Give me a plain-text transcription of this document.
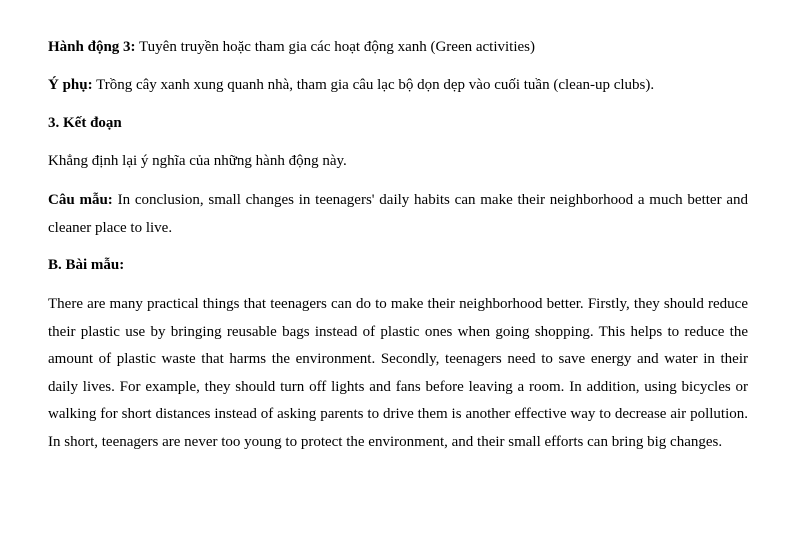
Hành động 3: Tuyên truyền hoặc tham gia các hoạt động xanh (Green activities)

Ý phụ: Trồng cây xanh xung quanh nhà, tham gia câu lạc bộ dọn dẹp vào cuối tuần (clean-up clubs).

3. Kết đoạn

Khẳng định lại ý nghĩa của những hành động này.

Câu mẫu: In conclusion, small changes in teenagers' daily habits can make their neighborhood a much better and cleaner place to live.

B. Bài mẫu:

There are many practical things that teenagers can do to make their neighborhood better. Firstly, they should reduce their plastic use by bringing reusable bags instead of plastic ones when going shopping. This helps to reduce the amount of plastic waste that harms the environment. Secondly, teenagers need to save energy and water in their daily lives. For example, they should turn off lights and fans before leaving a room. In addition, using bicycles or walking for short distances instead of asking parents to drive them is another effective way to decrease air pollution. In short, teenagers are never too young to protect the environment, and their small efforts can bring big changes.
